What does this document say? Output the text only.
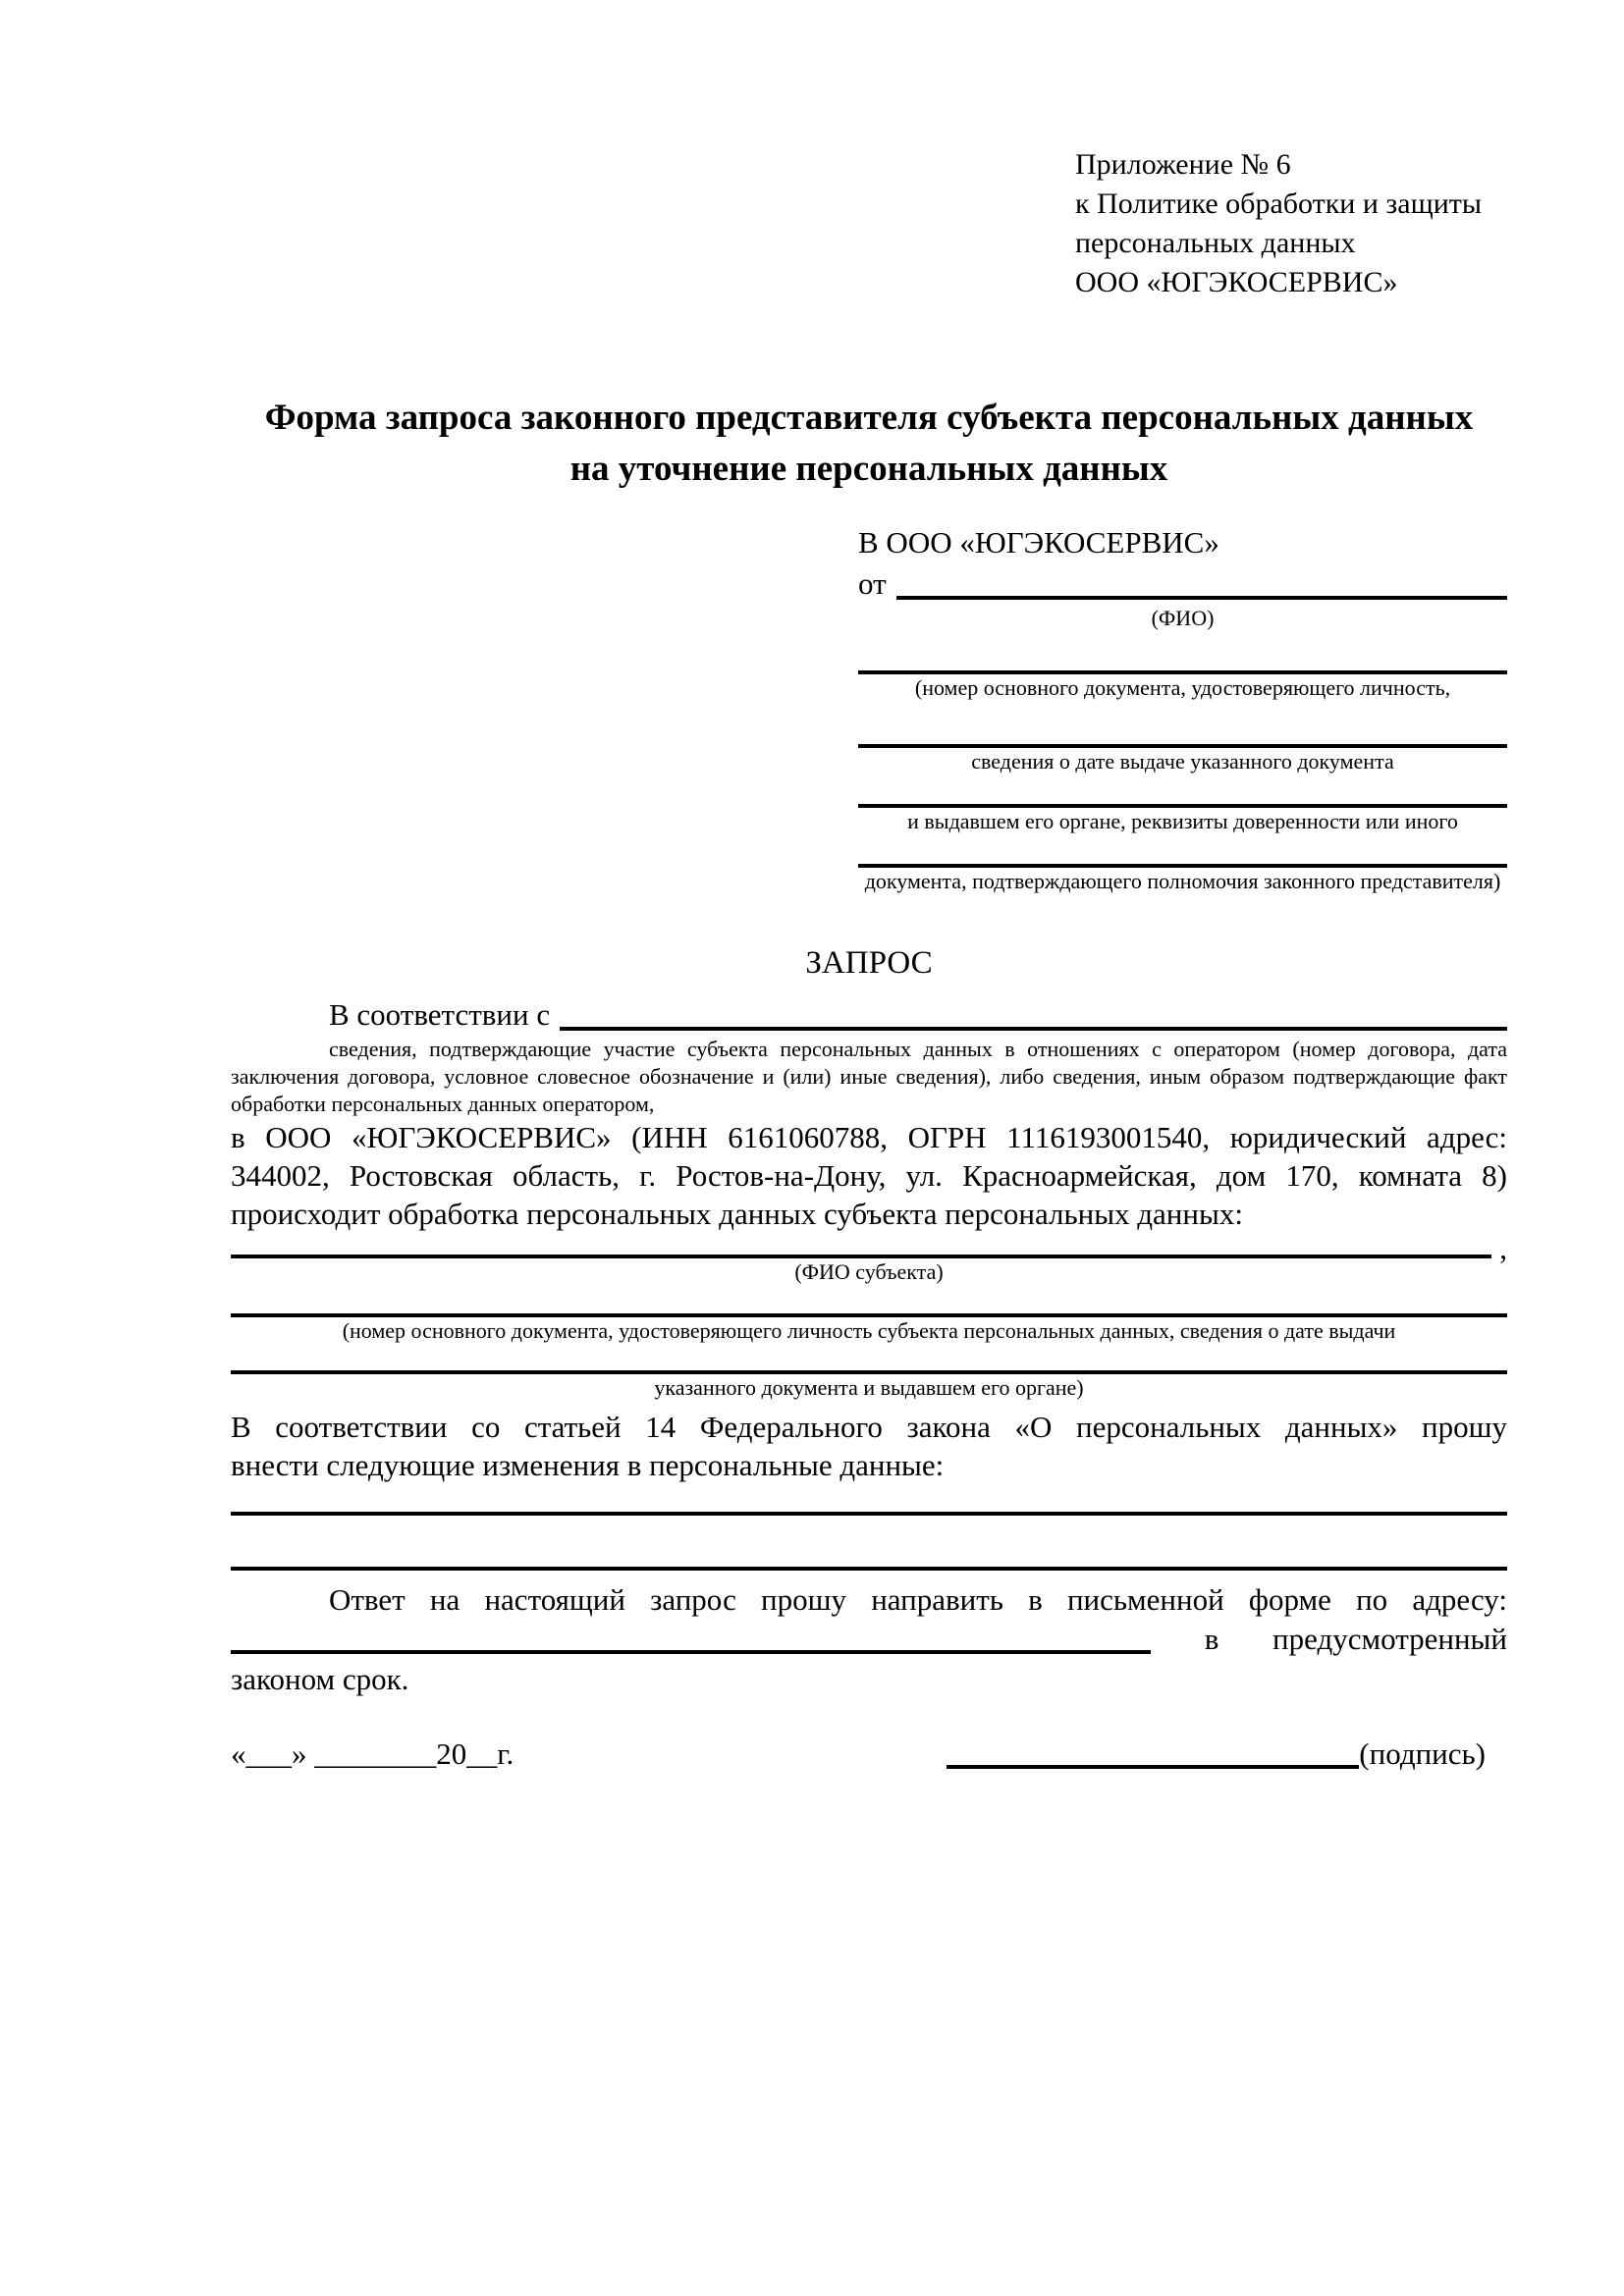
Приложение № 6
к Политике обработки и защиты
персональных данных
ООО «ЮГЭКОСЕРВИС»
Форма запроса законного представителя субъекта персональных данных
на уточнение персональных данных
В ООО «ЮГЭКОСЕРВИС»
от
(ФИО)
(номер основного документа, удостоверяющего личность,
сведения о дате выдаче указанного документа
и выдавшем его органе, реквизиты доверенности или иного
документа, подтверждающего полномочия законного представителя)
ЗАПРОС
В соответствии с
сведения, подтверждающие участие субъекта персональных данных в отношениях с оператором (номер договора, дата
заключения договора, условное словесное обозначение и (или) иные сведения), либо сведения, иным образом подтверждающие факт
обработки персональных данных оператором,
в ООО «ЮГЭКОСЕРВИС» (ИНН 6161060788, ОГРН 1116193001540, юридический адрес:
344002, Ростовская область, г. Ростов-на-Дону, ул. Красноармейская, дом 170, комната 8)
происходит обработка персональных данных субъекта персональных данных:
,
(ФИО субъекта)
(номер основного документа, удостоверяющего личность субъекта персональных данных, сведения о дате выдачи
указанного документа и выдавшем его органе)
В соответствии со статьей 14 Федерального закона «О персональных данных» прошу
внести следующие изменения в персональные данные:
Ответ на настоящий запрос прошу направить в письменной форме по адресу:
в	предусмотренный
законом срок.
«___» ________20__г.	(подпись)
